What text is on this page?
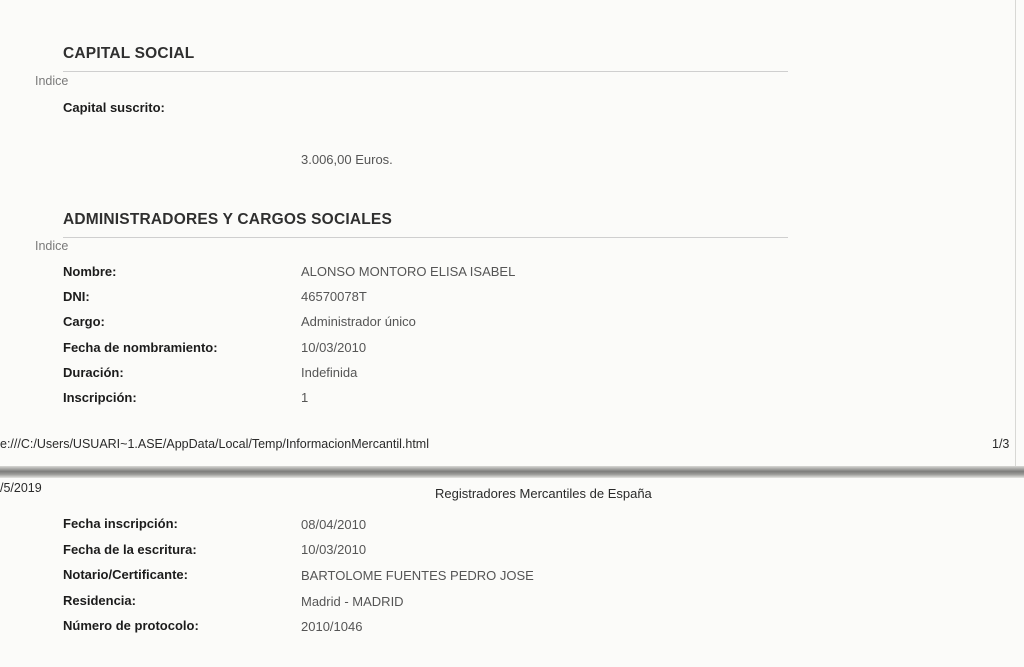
CAPITAL SOCIAL
Indice
Capital suscrito:
3.006,00 Euros.
ADMINISTRADORES Y CARGOS SOCIALES
Indice
Nombre:	ALONSO MONTORO ELISA ISABEL
DNI:	46570078T
Cargo:	Administrador único
Fecha de nombramiento:	10/03/2010
Duración:	Indefinida
Inscripción:	1
e:///C:/Users/USUARI~1.ASE/AppData/Local/Temp/InformacionMercantil.html	1/3
/5/2019	Registradores Mercantiles de España
Fecha inscripción:	08/04/2010
Fecha de la escritura:	10/03/2010
Notario/Certificante:	BARTOLOME FUENTES PEDRO JOSE
Residencia:	Madrid - MADRID
Número de protocolo:	2010/1046
